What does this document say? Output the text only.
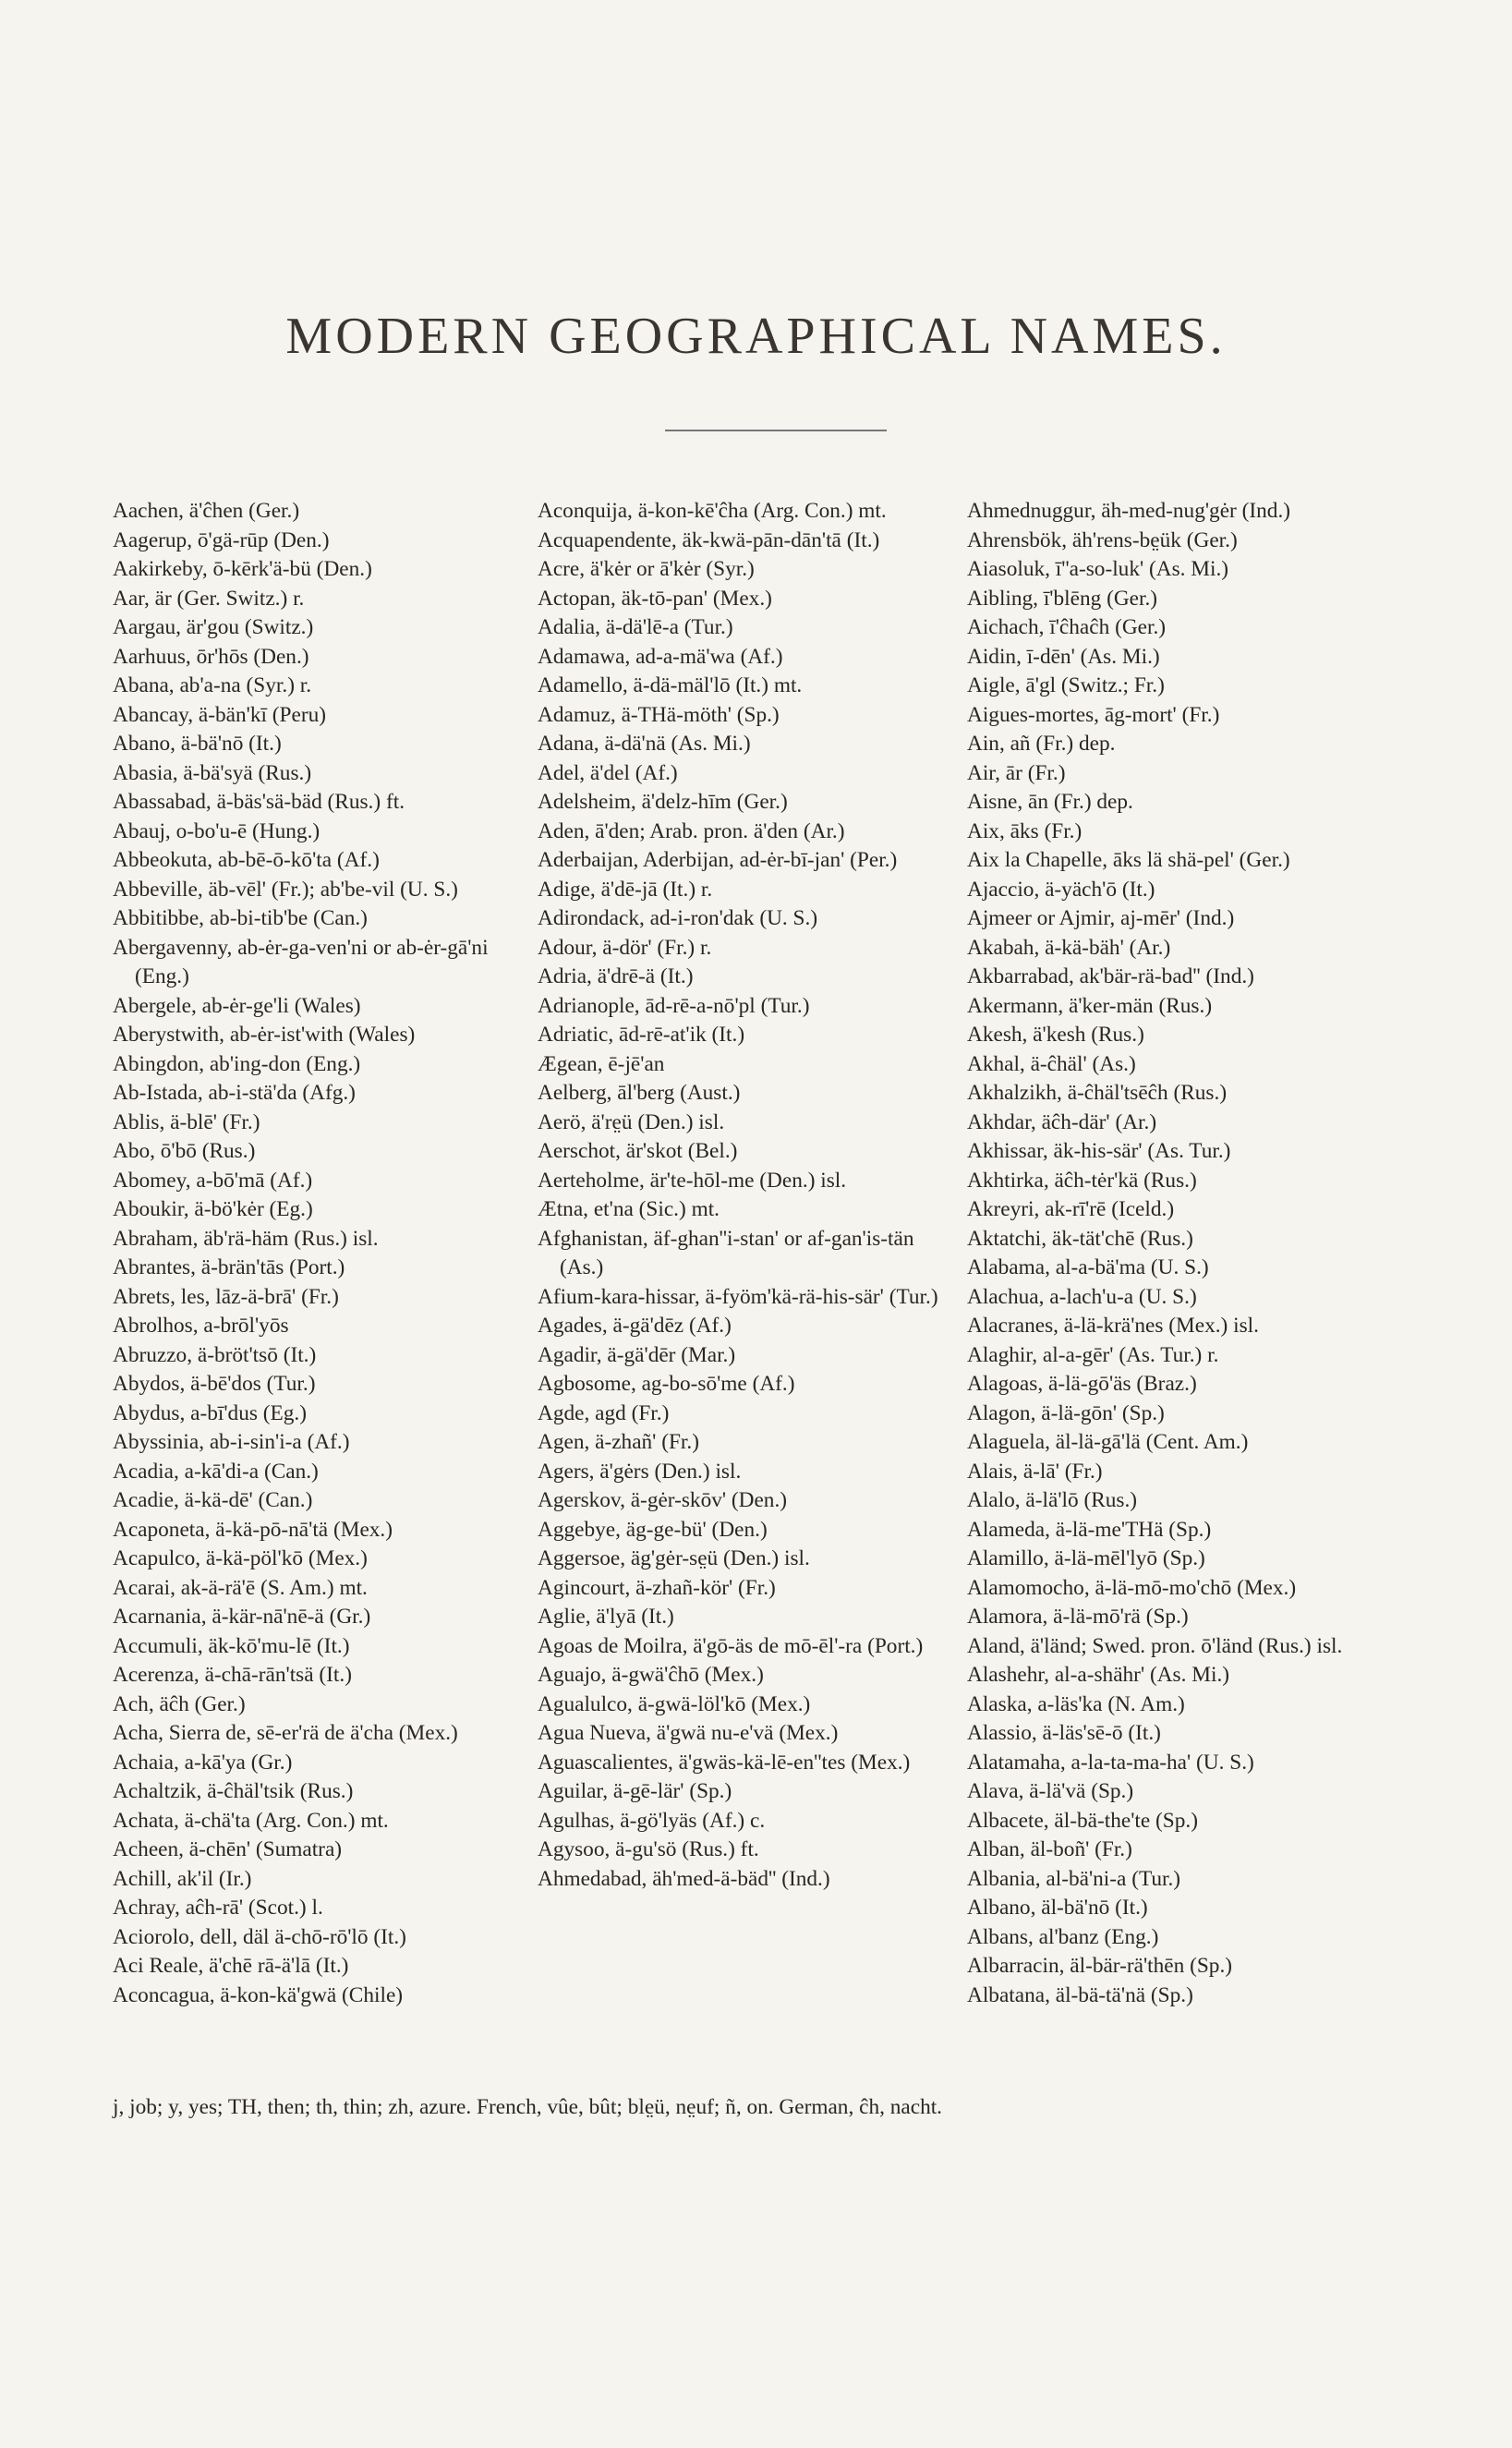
MODERN GEOGRAPHICAL NAMES.

Aachen, ä'ĉhen (Ger.)

Aagerup, ō'gä-rūp (Den.)

Aakirkeby, ō-kērk'ä-bü (Den.)

Aar, är (Ger. Switz.) r.

Aargau, är'gou (Switz.)

Aarhuus, ōr'hōs (Den.)

Abana, ab'a-na (Syr.) r.

Abancay, ä-bän'kī (Peru)

Abano, ä-bä'nō (It.)

Abasia, ä-bä'syä (Rus.)

Abassabad, ä-bäs'sä-bäd (Rus.) ft.

Abauj, o-bo'u-ē (Hung.)

Abbeokuta, ab-bē-ō-kō'ta (Af.)

Abbeville, äb-vēl' (Fr.); ab'be-vil (U. S.)

Abbitibbe, ab-bi-tib'be (Can.)

Abergavenny, ab-ėr-ga-ven'ni or ab-ėr-gā'ni (Eng.)

Abergele, ab-ėr-ge'li (Wales)

Aberystwith, ab-ėr-ist'with (Wales)

Abingdon, ab'ing-don (Eng.)

Ab-Istada, ab-i-stä'da (Afg.)

Ablis, ä-blē' (Fr.)

Abo, ō'bō (Rus.)

Abomey, a-bō'mā (Af.)

Aboukir, ä-bö'kėr (Eg.)

Abraham, äb'rä-häm (Rus.) isl.

Abrantes, ä-brän'tās (Port.)

Abrets, les, lāz-ä-brā' (Fr.)

Abrolhos, a-brōl'yōs

Abruzzo, ä-bröt'tsō (It.)

Abydos, ä-bē'dos (Tur.)

Abydus, a-bī'dus (Eg.)

Abyssinia, ab-i-sin'i-a (Af.)

Acadia, a-kā'di-a (Can.)

Acadie, ä-kä-dē' (Can.)

Acaponeta, ä-kä-pō-nā'tä (Mex.)

Acapulco, ä-kä-pöl'kō (Mex.)

Acarai, ak-ä-rä'ē (S. Am.) mt.

Acarnania, ä-kär-nā'nē-ä (Gr.)

Accumuli, äk-kō'mu-lē (It.)

Acerenza, ä-chā-rān'tsä (It.)

Ach, äĉh (Ger.)

Acha, Sierra de, sē-er'rä de ä'cha (Mex.)

Achaia, a-kā'ya (Gr.)

Achaltzik, ä-ĉhäl'tsik (Rus.)

Achata, ä-chä'ta (Arg. Con.) mt.

Acheen, ä-chēn' (Sumatra)

Achill, ak'il (Ir.)

Achray, aĉh-rā' (Scot.) l.

Aciorolo, dell, däl ä-chō-rō'lō (It.)

Aci Reale, ä'chē rā-ä'lā (It.)

Aconcagua, ä-kon-kä'gwä (Chile)

Aconquija, ä-kon-kē'ĉha (Arg. Con.) mt.

Acquapendente, äk-kwä-pān-dān'tā (It.)

Acre, ä'kėr or ā'kėr (Syr.)

Actopan, äk-tō-pan' (Mex.)

Adalia, ä-dä'lē-a (Tur.)

Adamawa, ad-a-mä'wa (Af.)

Adamello, ä-dä-mäl'lō (It.) mt.

Adamuz, ä-THä-möth' (Sp.)

Adana, ä-dä'nä (As. Mi.)

Adel, ä'del (Af.)

Adelsheim, ä'delz-hīm (Ger.)

Aden, ā'den; Arab. pron. ä'den (Ar.)

Aderbaijan, Aderbijan, ad-ėr-bī-jan' (Per.)

Adige, ä'dē-jā (It.) r.

Adirondack, ad-i-ron'dak (U. S.)

Adour, ä-dör' (Fr.) r.

Adria, ä'drē-ä (It.)

Adrianople, ād-rē-a-nō'pl (Tur.)

Adriatic, ād-rē-at'ik (It.)

Ægean, ē-jē'an

Aelberg, āl'berg (Aust.)

Aerö, ä're̤ü (Den.) isl.

Aerschot, är'skot (Bel.)

Aerteholme, är'te-hōl-me (Den.) isl.

Ætna, et'na (Sic.) mt.

Afghanistan, äf-ghan''i-stan' or af-gan'is-tän (As.)

Afium-kara-hissar, ä-fyöm'kä-rä-his-sär' (Tur.)

Agades, ä-gä'dēz (Af.)

Agadir, ä-gä'dēr (Mar.)

Agbosome, ag-bo-sō'me (Af.)

Agde, agd (Fr.)

Agen, ä-zhañ' (Fr.)

Agers, ä'gėrs (Den.) isl.

Agerskov, ä-gėr-skōv' (Den.)

Aggebye, äg-ge-bü' (Den.)

Aggersoe, äg'gėr-se̤ü (Den.) isl.

Agincourt, ä-zhañ-kör' (Fr.)

Aglie, ä'lyā (It.)

Agoas de Moilra, ä'gō-äs de mō-ēl'-ra (Port.)

Aguajo, ä-gwä'ĉhō (Mex.)

Agualulco, ä-gwä-löl'kō (Mex.)

Agua Nueva, ä'gwä nu-e'vä (Mex.)

Aguascalientes, ä'gwäs-kä-lē-en''tes (Mex.)

Aguilar, ä-gē-lär' (Sp.)

Agulhas, ä-gö'lyäs (Af.) c.

Agysoo, ä-gu'sö (Rus.) ft.

Ahmedabad, äh'med-ä-bäd'' (Ind.)

Ahmednuggur, äh-med-nug'gėr (Ind.)

Ahrensbök, äh'rens-be̤ük (Ger.)

Aiasoluk, ī''a-so-luk' (As. Mi.)

Aibling, ī'blēng (Ger.)

Aichach, ī'ĉhaĉh (Ger.)

Aidin, ī-dēn' (As. Mi.)

Aigle, ā'gl (Switz.; Fr.)

Aigues-mortes, āg-mort' (Fr.)

Ain, añ (Fr.) dep.

Air, ār (Fr.)

Aisne, ān (Fr.) dep.

Aix, āks (Fr.)

Aix la Chapelle, āks lä shä-pel' (Ger.)

Ajaccio, ä-yäch'ō (It.)

Ajmeer or Ajmir, aj-mēr' (Ind.)

Akabah, ä-kä-bäh' (Ar.)

Akbarrabad, ak'bär-rä-bad'' (Ind.)

Akermann, ä'ker-män (Rus.)

Akesh, ä'kesh (Rus.)

Akhal, ä-ĉhäl' (As.)

Akhalzikh, ä-ĉhäl'tsēĉh (Rus.)

Akhdar, äĉh-där' (Ar.)

Akhissar, äk-his-sär' (As. Tur.)

Akhtirka, äĉh-tėr'kä (Rus.)

Akreyri, ak-rī'rē (Iceld.)

Aktatchi, äk-tät'chē (Rus.)

Alabama, al-a-bä'ma (U. S.)

Alachua, a-lach'u-a (U. S.)

Alacranes, ä-lä-krä'nes (Mex.) isl.

Alaghir, al-a-gēr' (As. Tur.) r.

Alagoas, ä-lä-gō'äs (Braz.)

Alagon, ä-lä-gōn' (Sp.)

Alaguela, äl-lä-gā'lä (Cent. Am.)

Alais, ä-lā' (Fr.)

Alalo, ä-lä'lō (Rus.)

Alameda, ä-lä-me'THä (Sp.)

Alamillo, ä-lä-mēl'lyō (Sp.)

Alamomocho, ä-lä-mō-mo'chō (Mex.)

Alamora, ä-lä-mō'rä (Sp.)

Aland, ä'länd; Swed. pron. ō'länd (Rus.) isl.

Alashehr, al-a-shähr' (As. Mi.)

Alaska, a-läs'ka (N. Am.)

Alassio, ä-läs'sē-ō (It.)

Alatamaha, a-la-ta-ma-ha' (U. S.)

Alava, ä-lä'vä (Sp.)

Albacete, äl-bä-the'te (Sp.)

Alban, äl-boñ' (Fr.)

Albania, al-bä'ni-a (Tur.)

Albano, äl-bä'nō (It.)

Albans, al'banz (Eng.)

Albarracin, äl-bär-rä'thēn (Sp.)

Albatana, äl-bä-tä'nä (Sp.)

j, job; y, yes; TH, then; th, thin; zh, azure. French, vûe, bût; ble̤ü, ne̤uf; ñ, on. German, ĉh, nacht.
